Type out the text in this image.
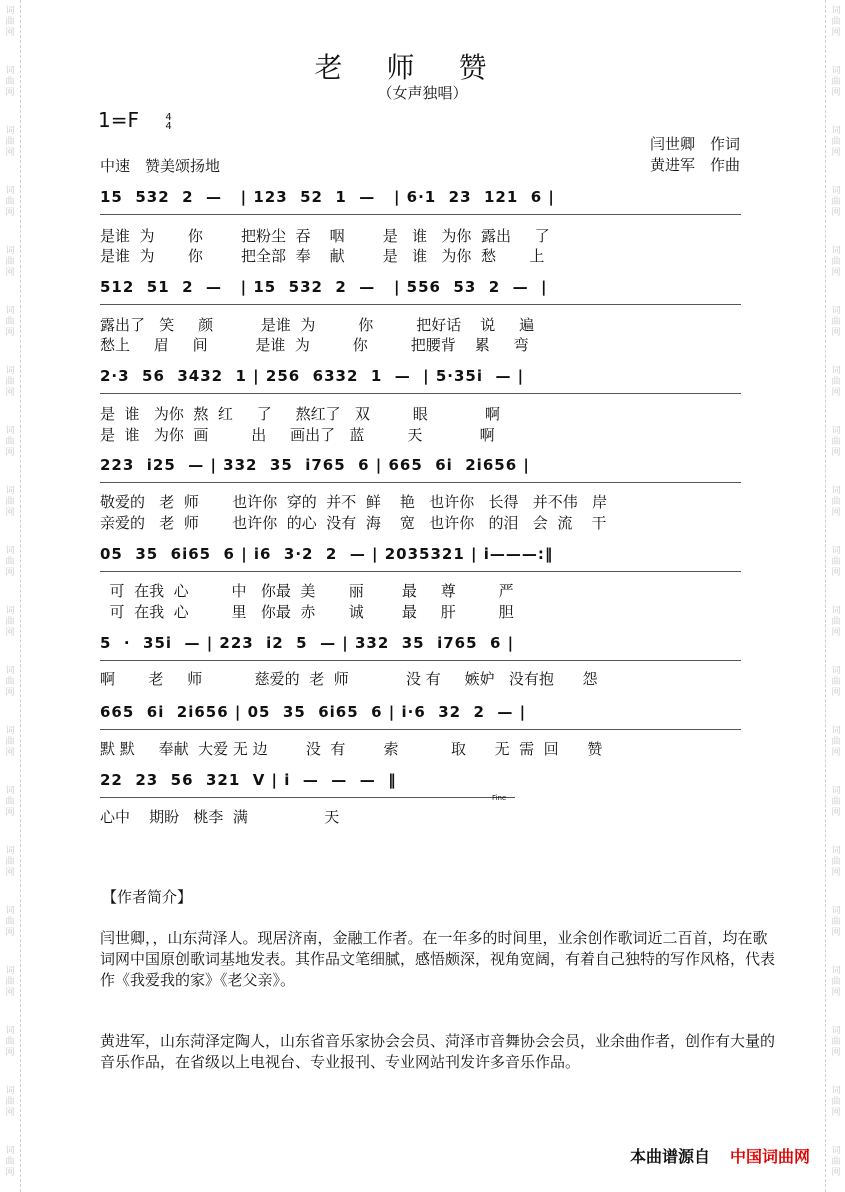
词
曲
网
词
曲
网
词
曲
网
词
曲
网
词
曲
网
词
曲
网
词
曲
网
词
曲
网
词
曲
网
词
曲
网
词
曲
网
词
曲
网
词
曲
网
词
曲
网
词
曲
网
词
曲
网
词
曲
网
词
曲
网
词
曲
网
词
曲
网
词
曲
网
词
曲
网
词
曲
网
词
曲
网
词
曲
网
词
曲
网
词
曲
网
词
曲
网
词
曲
网
词
曲
网
词
曲
网
词
曲
网
词
曲
网
词
曲
网
词
曲
网
词
曲
网
词
曲
网
词
曲
网
词
曲
网
词
曲
网
老师赞
（女声独唱）
1=F	4
4
闫世卿　作词
黄进军　作曲
中速　赞美颂扬地
15  532  2  —   | 123  52  1  —   | 6·1  23  121  6 |
是谁  为       你        把粉尘  吞    咽        是   谁   为你  露出     了
是谁  为       你        把全部  奉    献        是   谁   为你  愁       上
512  51  2  —   | 15  532  2  —   | 556  53  2  —  |
露出了   笑     颜          是谁  为         你         把好话    说     遍
愁上     眉     间          是谁  为         你         把腰背    累     弯
2·3  56  3432  1 | 256  6332  1  —  | 5·35i  — |
是  谁   为你  熬  红     了     熬红了   双         眼            啊
是  谁   为你  画         出     画出了   蓝         天            啊
223  i25  — | 332  35  i765  6 | 665  6i  2i656 |
敬爱的   老  师       也许你  穿的  并不  鲜    艳   也许你   长得   并不伟   岸
亲爱的   老  师       也许你  的心  没有  海    宽   也许你   的泪   会  流    干
05  35  6i65  6 | i6  3·2  2  — | 2035321 | i———:‖
可  在我  心         中   你最  美       丽        最     尊         严
可  在我  心         里   你最  赤       诚        最     肝         胆
5  ·  35i  — | 223  i2  5  — | 332  35  i765  6 |
啊       老     师           慈爱的  老  师            没 有     嫉妒   没有抱      怨
665  6i  2i656 | 05  35  6i65  6 | i·6  32  2  — |
默 默     奉献  大爱 无 边        没  有        索           取      无  需  回      赞
22  23  56  321  V | i  —  —  —  ‖
Fine
心中    期盼   桃李  满                天
【作者简介】
闫世卿，，山东菏泽人。现居济南，金融工作者。在一年多的时间里，业余创作歌词近二百首，均在歌词网中国原创歌词基地发表。其作品文笔细腻，感悟颇深，视角宽阔，有着自己独特的写作风格，代表作《我爱我的家》《老父亲》。
黄进军，山东菏泽定陶人，山东省音乐家协会会员、菏泽市音舞协会会员，业余曲作者，创作有大量的音乐作品，在省级以上电视台、专业报刊、专业网站刊发许多音乐作品。
本曲谱源自 中国词曲网
